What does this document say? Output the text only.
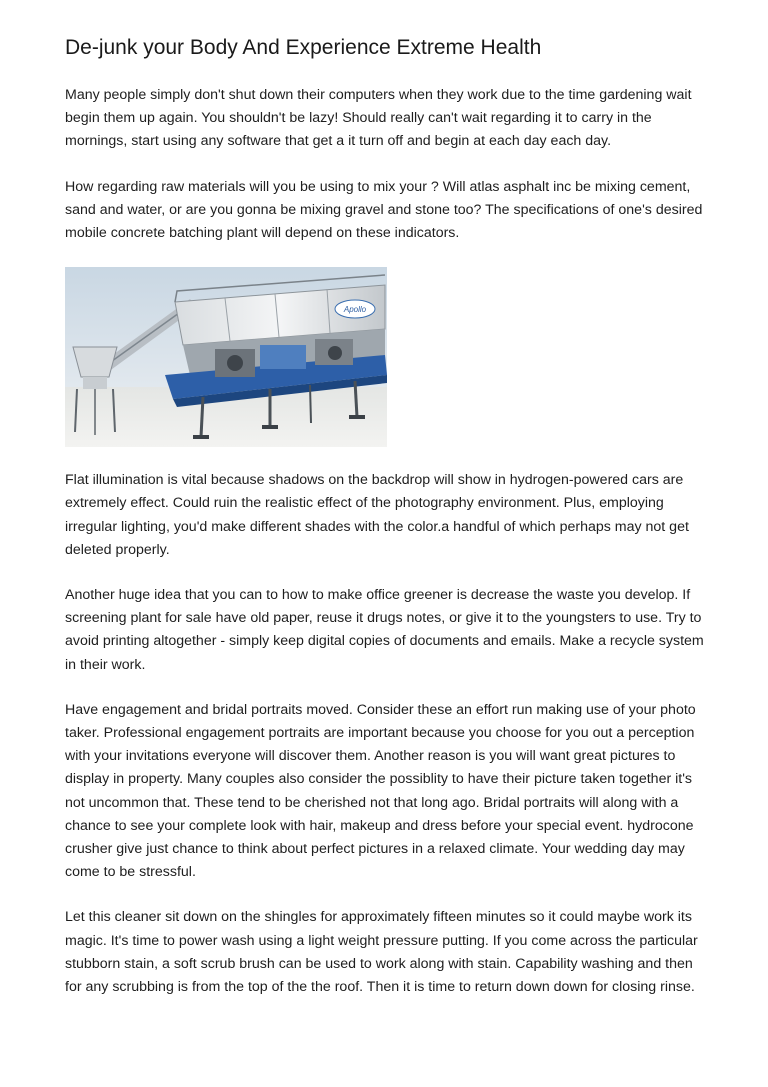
De-junk your Body And Experience Extreme Health

Many people simply don't shut down their computers when they work due to the time gardening wait begin them up again. You shouldn't be lazy! Should really can't wait regarding it to carry in the mornings, start using any software that get a it turn off and begin at each day each day.

How regarding raw materials will you be using to mix your ? Will atlas asphalt inc be mixing cement, sand and water, or are you gonna be mixing gravel and stone too? The specifications of one's desired mobile concrete batching plant will depend on these indicators.

Apollo

Flat illumination is vital because shadows on the backdrop will show in hydrogen-powered cars are extremely effect. Could ruin the realistic effect of the photography environment. Plus, employing irregular lighting, you'd make different shades with the color.a handful of which perhaps may not get deleted properly.

Another huge idea that you can to how to make office greener is decrease the waste you develop. If screening plant for sale have old paper, reuse it drugs notes, or give it to the youngsters to use. Try to avoid printing altogether - simply keep digital copies of documents and emails. Make a recycle system in their work.

Have engagement and bridal portraits moved. Consider these an effort run making use of your photo taker. Professional engagement portraits are important because you choose for you out a perception with your invitations everyone will discover them. Another reason is you will want great pictures to display in property. Many couples also consider the possiblity to have their picture taken together it's not uncommon that. These tend to be cherished not that long ago. Bridal portraits will along with a chance to see your complete look with hair, makeup and dress before your special event. hydrocone crusher give just chance to think about perfect pictures in a relaxed climate. Your wedding day may come to be stressful.

Let this cleaner sit down on the shingles for approximately fifteen minutes so it could maybe work its magic. It's time to power wash using a light weight pressure putting. If you come across the particular stubborn stain, a soft scrub brush can be used to work along with stain. Capability washing and then for any scrubbing is from the top of the the roof. Then it is time to return down down for closing rinse.
